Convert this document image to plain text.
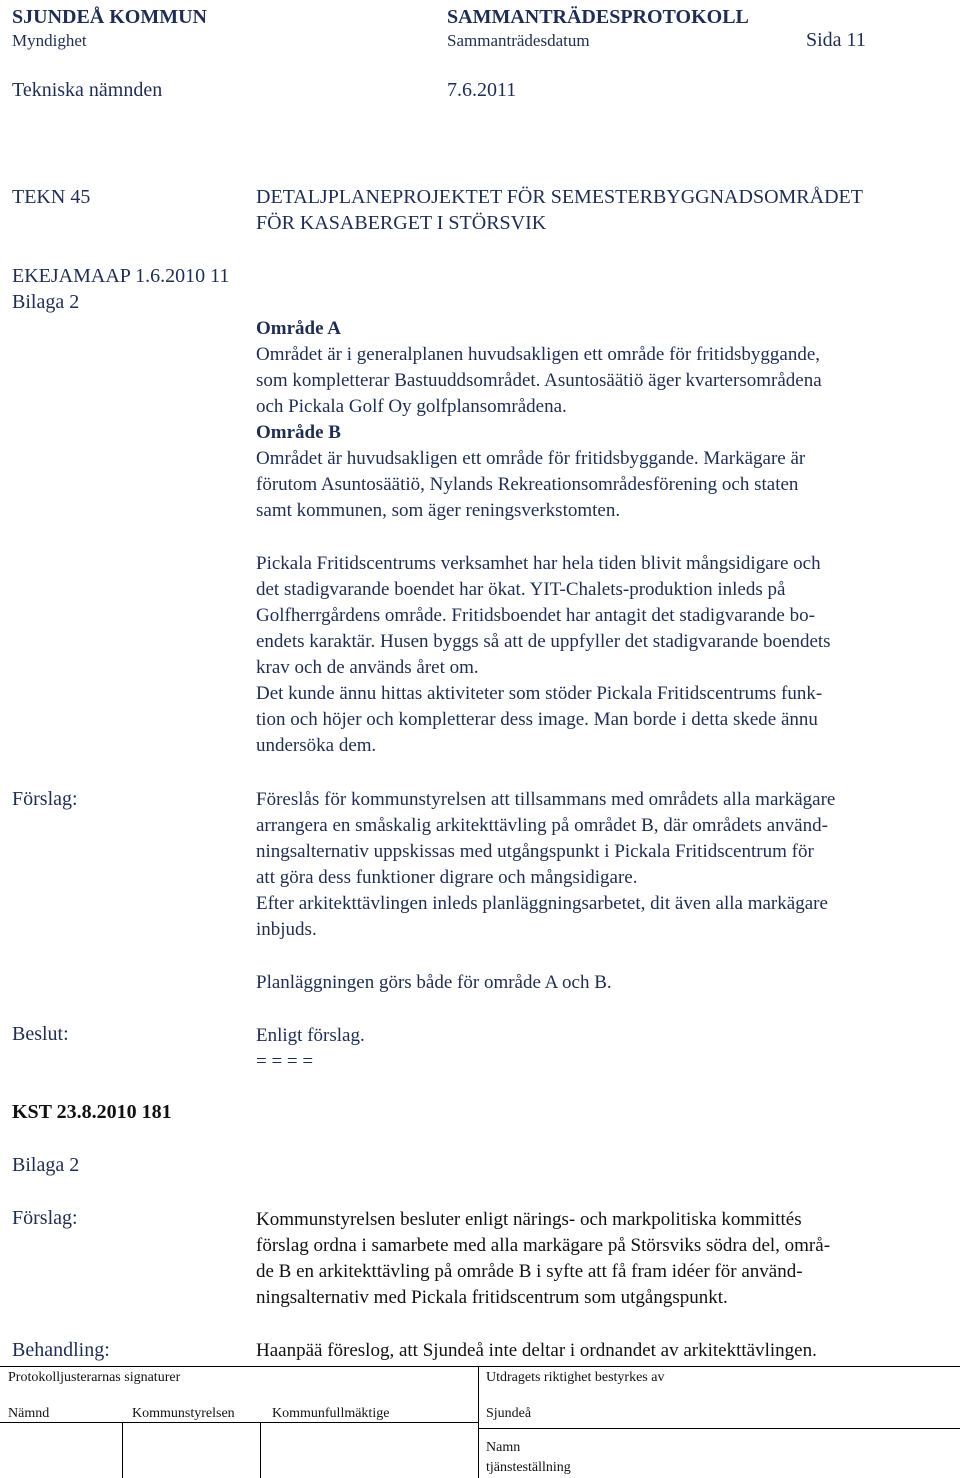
SJUNDEÅ KOMMUN	SAMMANTRÄDESPROTOKOLL
Myndighet	Sammanträdesdatum	Sida 11
Tekniska nämnden	7.6.2011
TEKN 45	DETALJPLANEPROJEKTET FÖR SEMESTERBYGGNADSOMRÅDET
FÖR KASABERGET I STÖRSVIK
EKEJAMAAP 1.6.2010 11
Bilaga 2
Område A
Området är i generalplanen huvudsakligen ett område för fritidsbyggande,
som kompletterar Bastuuddsområdet. Asuntosäätiö äger kvartersområdena
och Pickala Golf Oy golfplansområdena.
Område B
Området är huvudsakligen ett område för fritidsbyggande. Markägare är
förutom Asuntosäätiö, Nylands Rekreationsområdesförening och staten
samt kommunen, som äger reningsverkstomten.
Pickala Fritidscentrums verksamhet har hela tiden blivit mångsidigare och
det stadigvarande boendet har ökat. YIT-Chalets-produktion inleds på
Golfherrgårdens område. Fritidsboendet har antagit det stadigvarande bo-
endets karaktär. Husen byggs så att de uppfyller det stadigvarande boendets
krav och de används året om.
Det kunde ännu hittas aktiviteter som stöder Pickala Fritidscentrums funk-
tion och höjer och kompletterar dess image. Man borde i detta skede ännu
undersöka dem.
Förslag:	Föreslås för kommunstyrelsen att tillsammans med områdets alla markägare
arrangera en småskalig arkitekttävling på området B, där områdets använd-
ningsalternativ uppskissas med utgångspunkt i Pickala Fritidscentrum för
att göra dess funktioner digrare och mångsidigare.
Efter arkitekttävlingen inleds planläggningsarbetet, dit även alla markägare
inbjuds.
Planläggningen görs både för område A och B.
Beslut:	Enligt förslag.
= = = =
KST 23.8.2010 181
Bilaga 2
Förslag:	Kommunstyrelsen besluter enligt närings- och markpolitiska kommittés
förslag ordna i samarbete med alla markägare på Störsviks södra del, områ-
de B en arkitekttävling på område B i syfte att få fram idéer för använd-
ningsalternativ med Pickala fritidscentrum som utgångspunkt.
Behandling:	Haanpää föreslog, att Sjundeå inte deltar i ordnandet av arkitekttävlingen.
Protokolljusterarnas signaturer	Utdragets riktighet bestyrkes av
Nämnd	Kommunstyrelsen	Kommunfullmäktige	Sjundeå
Namn
tjänsteställning
